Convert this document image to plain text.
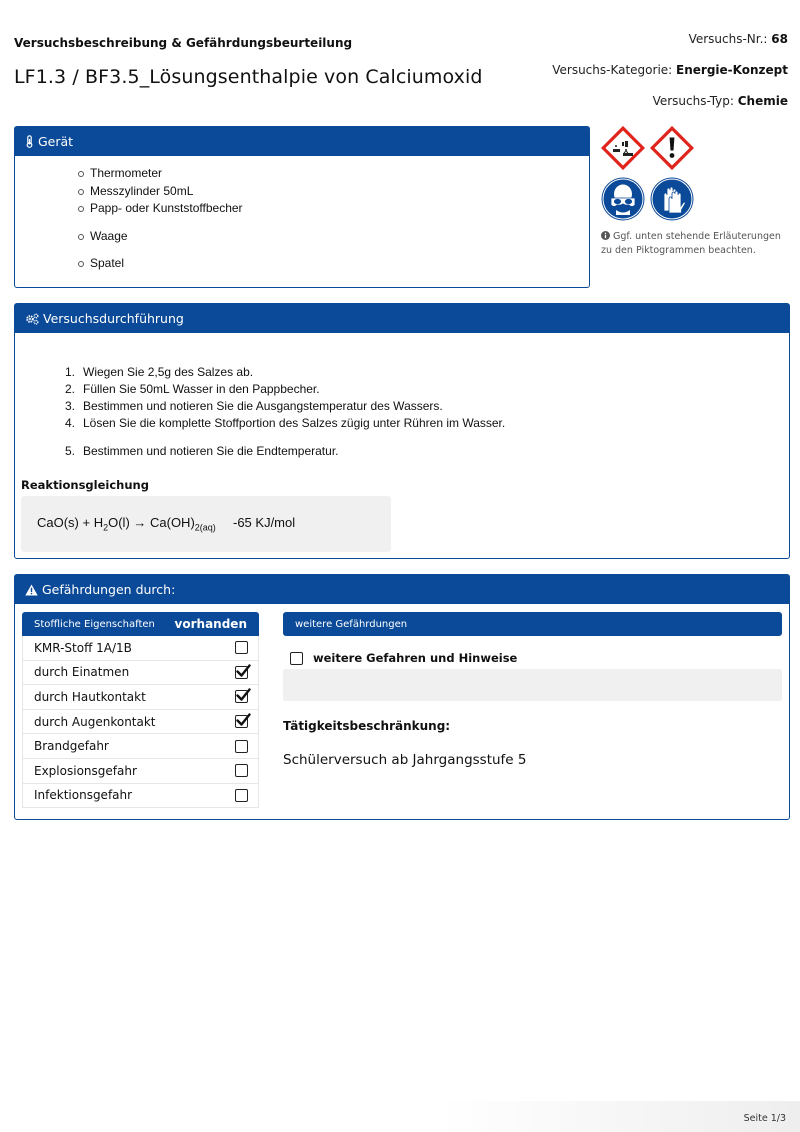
Versuchsbeschreibung & Gefährdungsbeurteilung
LF1.3 / BF3.5_Lösungsenthalpie von Calciumoxid
Versuchs-Nr.: 68
Versuchs-Kategorie: Energie-Konzept
Versuchs-Typ: Chemie
Gerät
Thermometer
Messzylinder 50mL
Papp- oder Kunststoffbecher
Waage
Spatel
Ggf. unten stehende Erläuterungen zu den Piktogrammen beachten.
Versuchsdurchführung
1. Wiegen Sie 2,5g des Salzes ab.
2. Füllen Sie 50mL Wasser in den Pappbecher.
3. Bestimmen und notieren Sie die Ausgangstemperatur des Wassers.
4. Lösen Sie die komplette Stoffportion des Salzes zügig unter Rühren im Wasser.
5. Bestimmen und notieren Sie die Endtemperatur.
Reaktionsgleichung
$CaO(s) + H_2O(l) \to Ca(OH)_{2(aq)}$ -65 KJ/mol
Gefährdungen durch:
Stoffliche Eigenschaften vorhanden
KMR-Stoff 1A/1B
durch Einatmen
durch Hautkontakt
durch Augenkontakt
Brandgefahr
Explosionsgefahr
Infektionsgefahr
weitere Gefährdungen
weitere Gefahren und Hinweise
Tätigkeitsbeschränkung:
Schülerversuch ab Jahrgangsstufe 5
Seite 1/3
